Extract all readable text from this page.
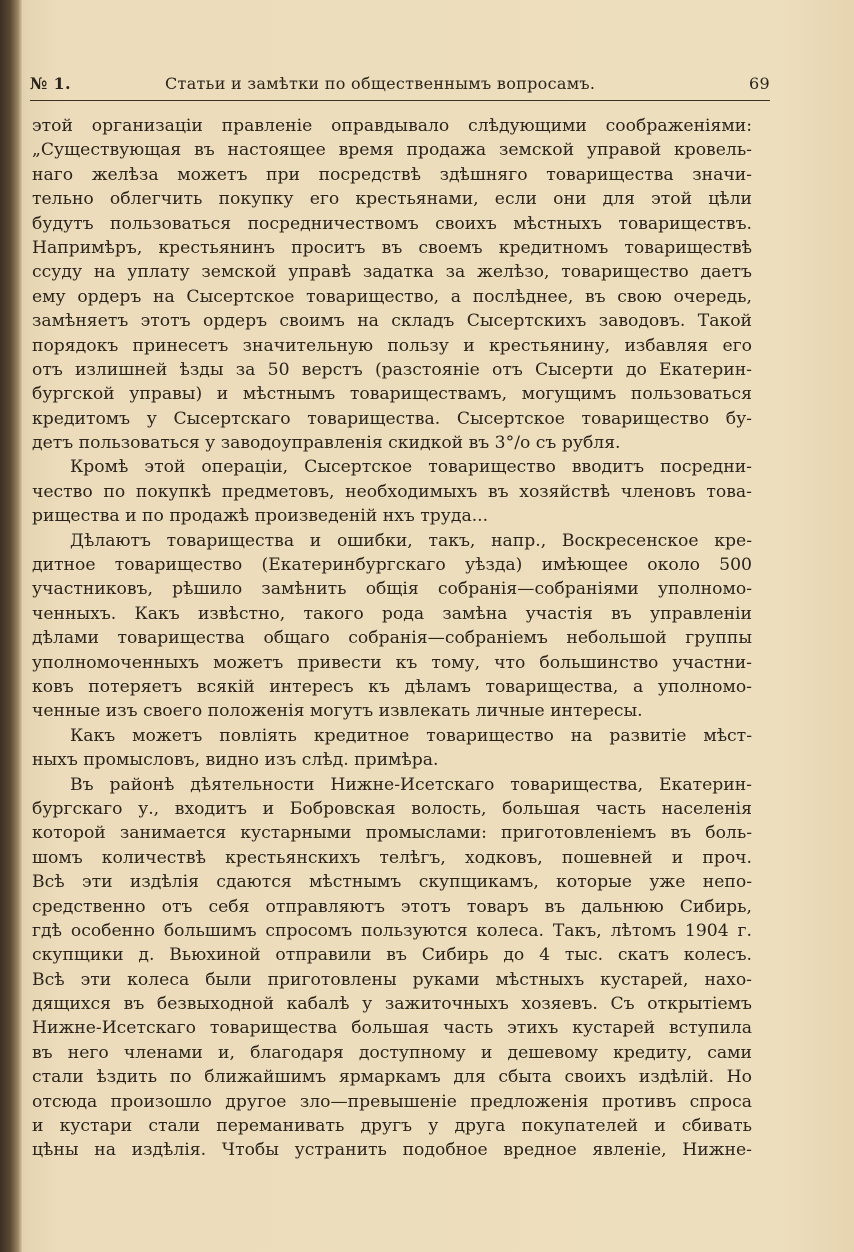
№ 1.	Статьи и замѣтки по общественнымъ вопросамъ.	69
этой организаціи правленіе оправдывало слѣдующими соображеніями:
„Существующая въ настоящее время продажа земской управой кровель-
наго желѣза можетъ при посредствѣ здѣшняго товарищества значи-
тельно облегчить покупку его крестьянами, если они для этой цѣли
будутъ пользоваться посредничествомъ своихъ мѣстныхъ товариществъ.
Напримѣръ, крестьянинъ проситъ въ своемъ кредитномъ товариществѣ
ссуду на уплату земской управѣ задатка за желѣзо, товарищество даетъ
ему ордеръ на Сысертское товарищество, а послѣднее, въ свою очередь,
замѣняетъ этотъ ордеръ своимъ на складъ Сысертскихъ заводовъ. Такой
порядокъ принесетъ значительную пользу и крестьянину, избавляя его
отъ излишней ѣзды за 50 верстъ (разстояніе отъ Сысерти до Екатерин-
бургской управы) и мѣстнымъ товариществамъ, могущимъ пользоваться
кредитомъ у Сысертскаго товарищества. Сысертское товарищество бу-
детъ пользоваться у заводоуправленія скидкой въ 3°/о съ рубля.
Кромѣ этой операціи, Сысертское товарищество вводитъ посредни-
чество по покупкѣ предметовъ, необходимыхъ въ хозяйствѣ членовъ това-
рищества и по продажѣ произведеній нхъ труда...
Дѣлаютъ товарищества и ошибки, такъ, напр., Воскресенское кре-
дитное товарищество (Екатеринбургскаго уѣзда) имѣющее около 500
участниковъ, рѣшило замѣнить общія собранія—собраніями уполномо-
ченныхъ. Какъ извѣстно, такого рода замѣна участія въ управленіи
дѣлами товарищества общаго собранія—собраніемъ небольшой группы
уполномоченныхъ можетъ привести къ тому, что большинство участни-
ковъ потеряетъ всякій интересъ къ дѣламъ товарищества, а уполномо-
ченные изъ своего положенія могутъ извлекать личные интересы.
Какъ можетъ повліять кредитное товарищество на развитіе мѣст-
ныхъ промысловъ, видно изъ слѣд. примѣра.
Въ районѣ дѣятельности Нижне-Исетскаго товарищества, Екатерин-
бургскаго у., входитъ и Бобровская волость, большая часть населенія
которой занимается кустарными промыслами: приготовленіемъ въ боль-
шомъ количествѣ крестьянскихъ телѣгъ, ходковъ, пошевней и проч.
Всѣ эти издѣлія сдаются мѣстнымъ скупщикамъ, которые уже непо-
средственно отъ себя отправляютъ этотъ товаръ въ дальнюю Сибирь,
гдѣ особенно большимъ спросомъ пользуются колеса. Такъ, лѣтомъ 1904 г.
скупщики д. Вьюхиной отправили въ Сибирь до 4 тыс. скатъ колесъ.
Всѣ эти колеса были приготовлены руками мѣстныхъ кустарей, нахо-
дящихся въ безвыходной кабалѣ у зажиточныхъ хозяевъ. Съ открытіемъ
Нижне-Исетскаго товарищества большая часть этихъ кустарей вступила
въ него членами и, благодаря доступному и дешевому кредиту, сами
стали ѣздить по ближайшимъ ярмаркамъ для сбыта своихъ издѣлій. Но
отсюда произошло другое зло—превышеніе предложенія противъ спроса
и кустари стали переманивать другъ у друга покупателей и сбивать
цѣны на издѣлія. Чтобы устранить подобное вредное явленіе, Нижне-
